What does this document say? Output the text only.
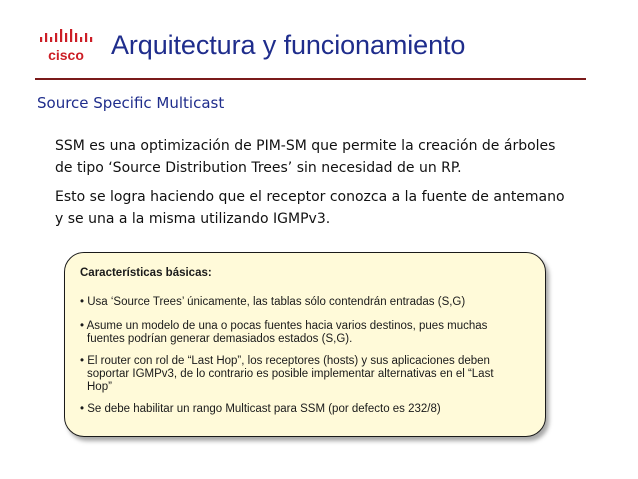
cisco Arquitectura y funcionamiento
Source Specific Multicast
SSM es una optimización de PIM-SM que permite la creación de árboles
de tipo ‘Source Distribution Trees’ sin necesidad de un RP.
Esto se logra haciendo que el receptor conozca a la fuente de antemano
y se una a la misma utilizando IGMPv3.
Características básicas:
• Usa ‘Source Trees’ únicamente, las tablas sólo contendrán entradas (S,G)
• Asume un modelo de una o pocas fuentes hacia varios destinos, pues muchas
fuentes podrían generar demasiados estados (S,G).
• El router con rol de “Last Hop”, los receptores (hosts) y sus aplicaciones deben
soportar IGMPv3, de lo contrario es posible implementar alternativas en el “Last
Hop”
• Se debe habilitar un rango Multicast para SSM (por defecto es 232/8)
